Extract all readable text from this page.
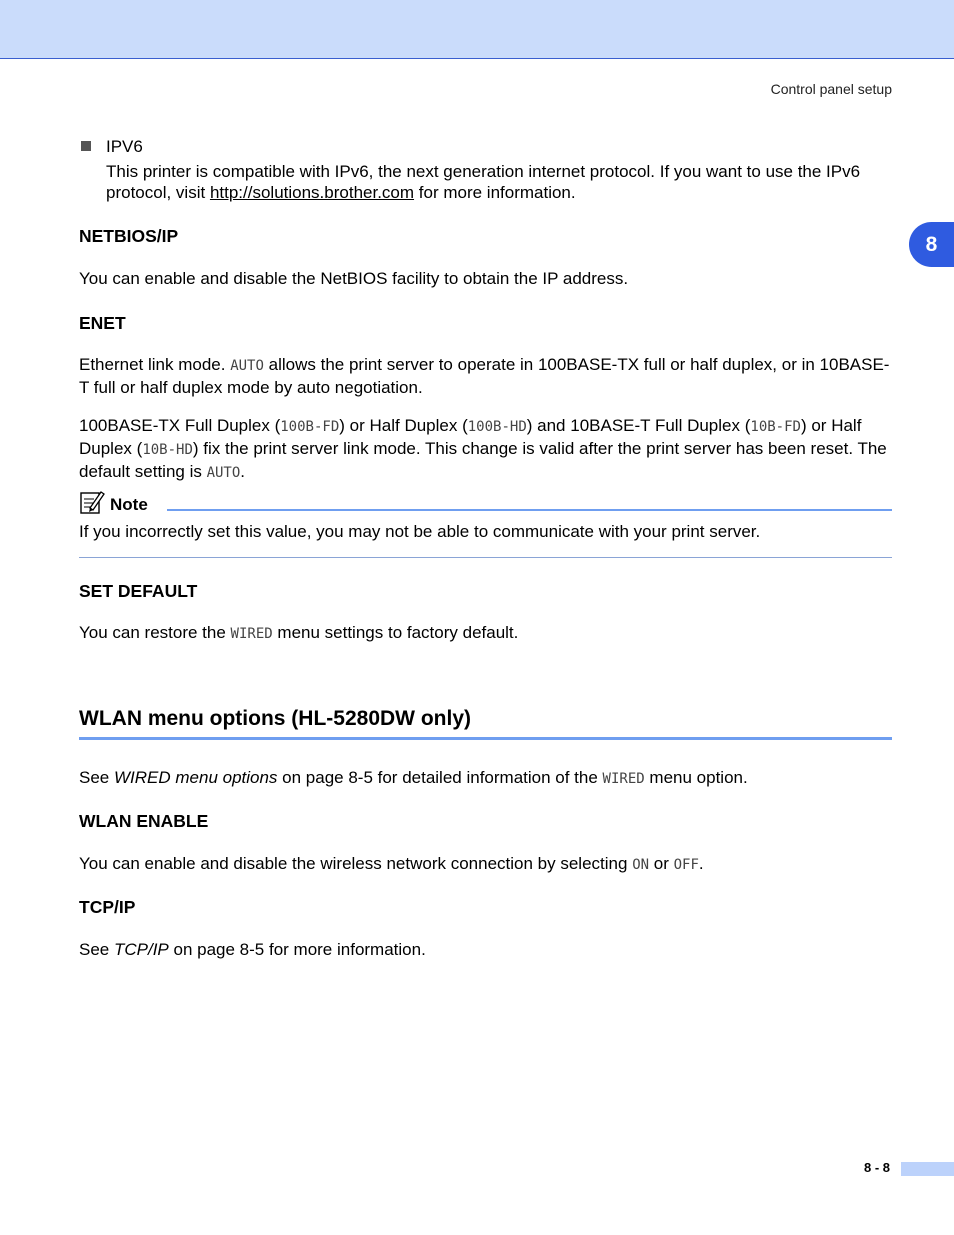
Control panel setup
8
IPV6

This printer is compatible with IPv6, the next generation internet protocol. If you want to use the IPv6 protocol, visit http://solutions.brother.com for more information.

NETBIOS/IP

You can enable and disable the NetBIOS facility to obtain the IP address.

ENET

Ethernet link mode. AUTO allows the print server to operate in 100BASE-TX full or half duplex, or in 10BASE-T full or half duplex mode by auto negotiation.

100BASE-TX Full Duplex (100B-FD) or Half Duplex (100B-HD) and 10BASE-T Full Duplex (10B-FD) or Half Duplex (10B-HD) fix the print server link mode. This change is valid after the print server has been reset. The default setting is AUTO.

Note

If you incorrectly set this value, you may not be able to communicate with your print server.

SET DEFAULT

You can restore the WIRED menu settings to factory default.

WLAN menu options (HL-5280DW only)

See WIRED menu options on page 8-5 for detailed information of the WIRED menu option.

WLAN ENABLE

You can enable and disable the wireless network connection by selecting ON or OFF.

TCP/IP

See TCP/IP on page 8-5 for more information.

8 - 8
